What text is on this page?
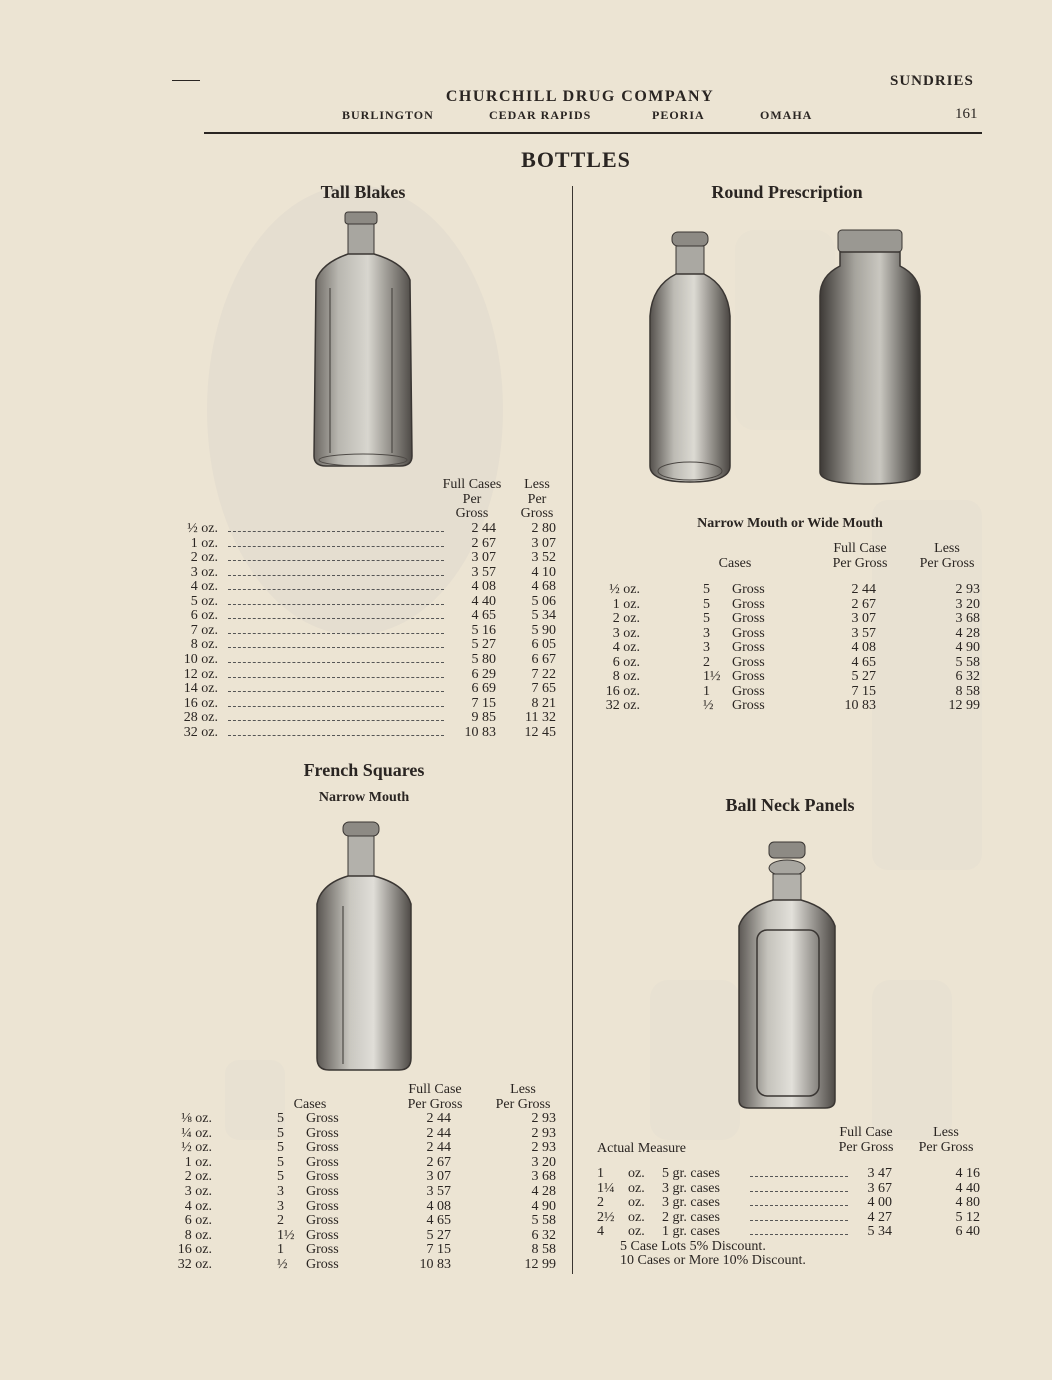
CHURCHILL DRUG COMPANY
SUNDRIES
161
BURLINGTON	CEDAR RAPIDS	PEORIA	OMAHA
BOTTLES
Tall Blakes
Full Cases
Per
Gross
Less
Per
Gross
½ oz.	2 44	2 80
1 oz.	2 67	3 07
2 oz.	3 07	3 52
3 oz.	3 57	4 10
4 oz.	4 08	4 68
5 oz.	4 40	5 06
6 oz.	4 65	5 34
7 oz.	5 16	5 90
8 oz.	5 27	6 05
10 oz.	5 80	6 67
12 oz.	6 29	7 22
14 oz.	6 69	7 65
16 oz.	7 15	8 21
28 oz.	9 85	11 32
32 oz.	10 83	12 45
French Squares
Narrow Mouth
Cases
Full Case
Per Gross
Less
Per Gross
⅛ oz.	5 Gross	2 44	2 93
¼ oz.	5 Gross	2 44	2 93
½ oz.	5 Gross	2 44	2 93
1 oz.	5 Gross	2 67	3 20
2 oz.	5 Gross	3 07	3 68
3 oz.	3 Gross	3 57	4 28
4 oz.	3 Gross	4 08	4 90
6 oz.	2 Gross	4 65	5 58
8 oz.	1½ Gross	5 27	6 32
16 oz.	1 Gross	7 15	8 58
32 oz.	½ Gross	10 83	12 99
Round Prescription
Narrow Mouth or Wide Mouth
Cases
Full Case
Per Gross
Less
Per Gross
½ oz.	5 Gross	2 44	2 93
1 oz.	5 Gross	2 67	3 20
2 oz.	5 Gross	3 07	3 68
3 oz.	3 Gross	3 57	4 28
4 oz.	3 Gross	4 08	4 90
6 oz.	2 Gross	4 65	5 58
8 oz.	1½ Gross	5 27	6 32
16 oz.	1 Gross	7 15	8 58
32 oz.	½ Gross	10 83	12 99
Ball Neck Panels
Actual Measure
Full Case
Per Gross
Less
Per Gross
1 oz. 5 gr. cases	3 47	4 16
1¼ oz. 3 gr. cases	3 67	4 40
2 oz. 3 gr. cases	4 00	4 80
2½ oz. 2 gr. cases	4 27	5 12
4 oz. 1 gr. cases	5 34	6 40
5 Case Lots 5% Discount.
10 Cases or More 10% Discount.
